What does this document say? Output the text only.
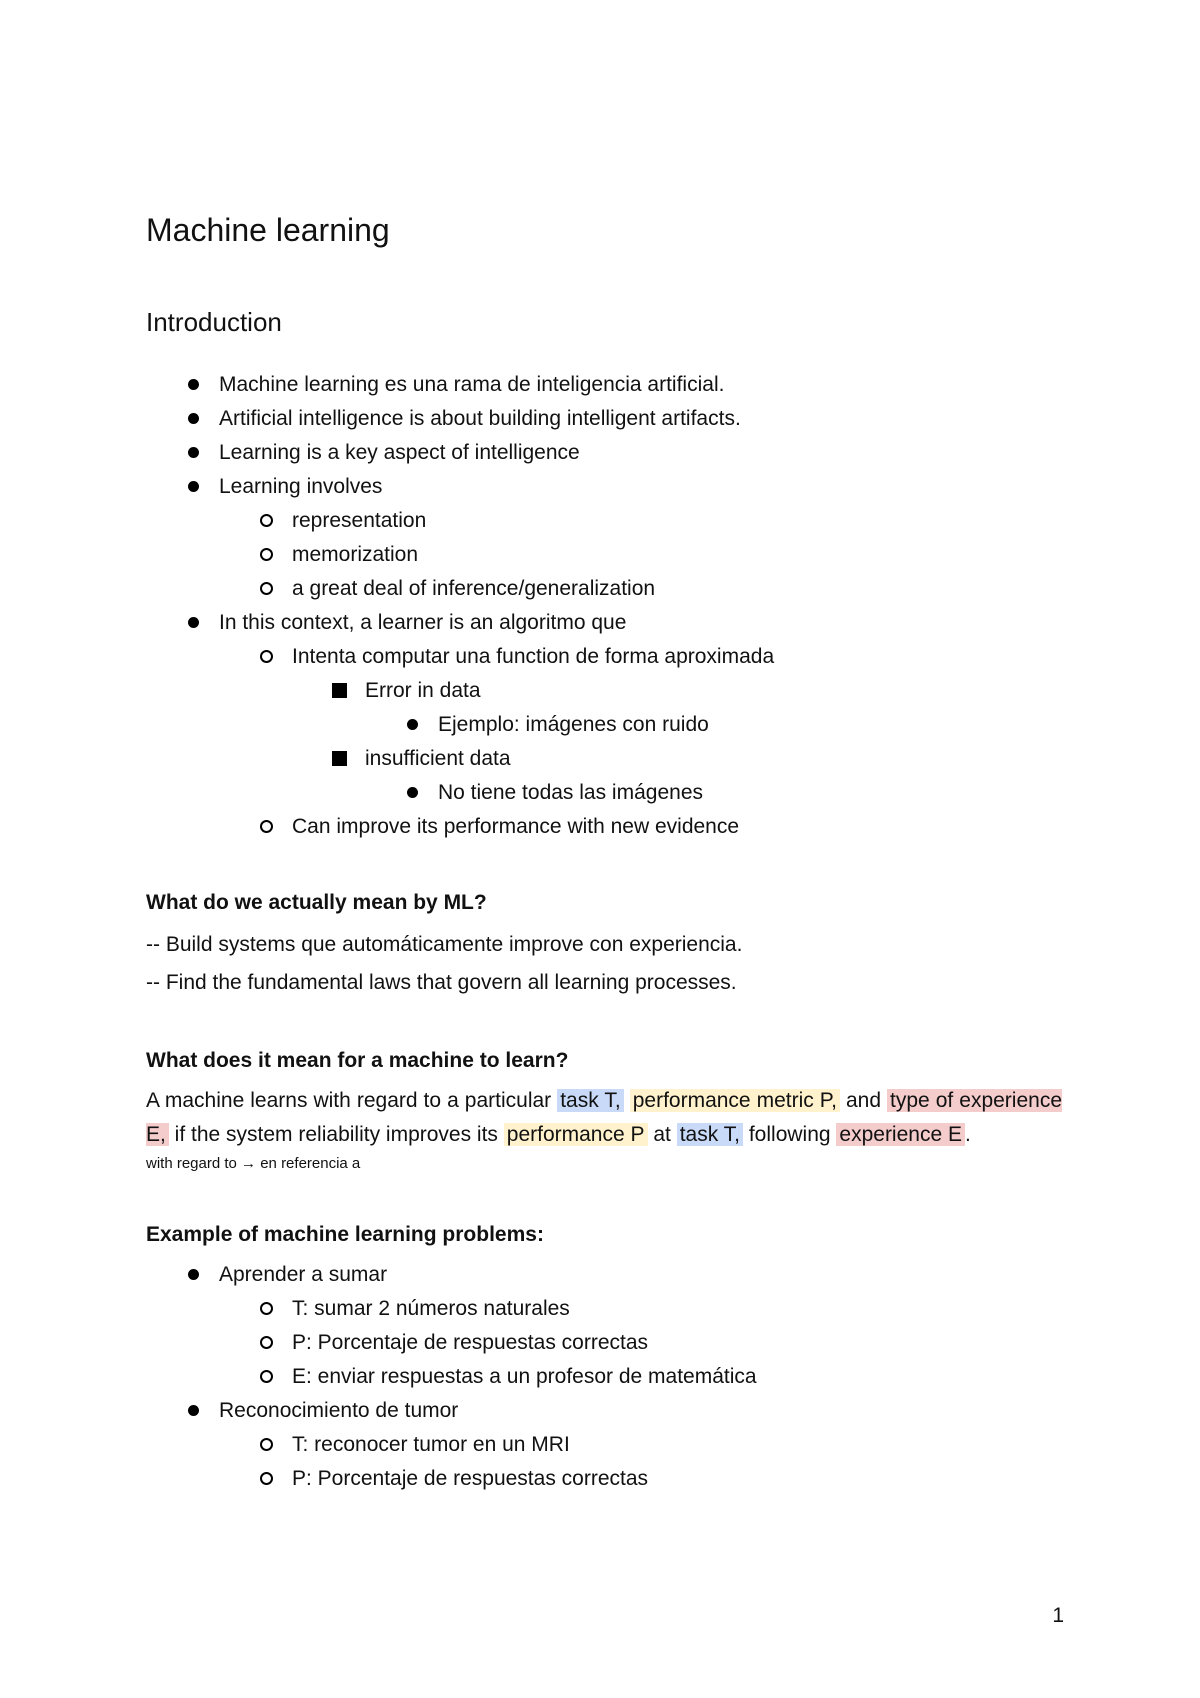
Machine learning
Introduction
Machine learning es una rama de inteligencia artificial.
Artificial intelligence is about building intelligent artifacts.
Learning is a key aspect of intelligence
Learning involves
representation
memorization
a great deal of inference/generalization
In this context, a learner is an algoritmo que
Intenta computar una function de forma aproximada
Error in data
Ejemplo: imágenes con ruido
insufficient data
No tiene todas las imágenes
Can improve its performance with new evidence

What do we actually mean by ML?

-- Build systems que automáticamente improve con experiencia.

-- Find the fundamental laws that govern all learning processes.

What does it mean for a machine to learn?

A machine learns with regard to a particular task T, performance metric P, and type of experience E, if the system reliability improves its performance P at task T, following experience E .

with regard to → en referencia a

Example of machine learning problems:

Aprender a sumar
T: sumar 2 números naturales
P: Porcentaje de respuestas correctas
E: enviar respuestas a un profesor de matemática
Reconocimiento de tumor
T: reconocer tumor en un MRI
P: Porcentaje de respuestas correctas
1
